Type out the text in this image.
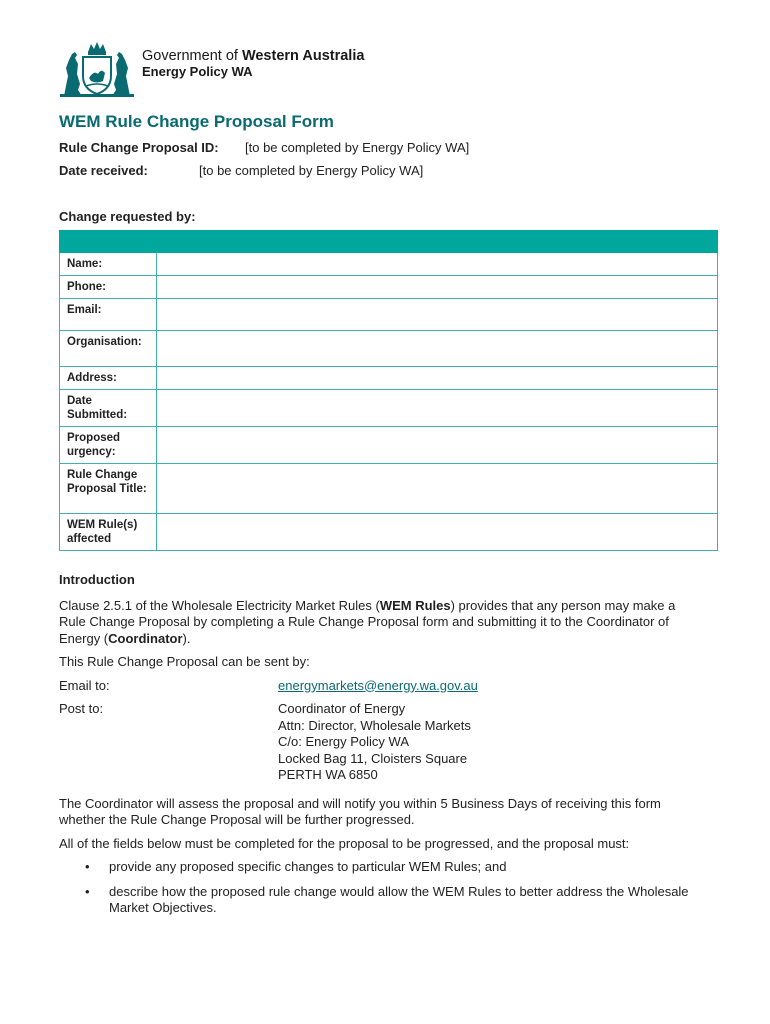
Government of Western Australia
Energy Policy WA
WEM Rule Change Proposal Form
Rule Change Proposal ID: [to be completed by Energy Policy WA]
Date received:	[to be completed by Energy Policy WA]
Change requested by:

Name:	
Phone:	
Email:	
Organisation:	
Address:	
Date Submitted:	
Proposed urgency:	
Rule Change Proposal Title:	
WEM Rule(s) affected	
Introduction

Clause 2.5.1 of the Wholesale Electricity Market Rules (WEM Rules) provides that any person may make a Rule Change Proposal by completing a Rule Change Proposal form and submitting it to the Coordinator of Energy (Coordinator).

This Rule Change Proposal can be sent by:

Email to:	energymarkets@energy.wa.gov.au
Post to:	Coordinator of Energy
Attn: Director, Wholesale Markets
C/o: Energy Policy WA
Locked Bag 11, Cloisters Square
PERTH WA 6850

The Coordinator will assess the proposal and will notify you within 5 Business Days of receiving this form whether the Rule Change Proposal will be further progressed.

All of the fields below must be completed for the proposal to be progressed, and the proposal must:

• provide any proposed specific changes to particular WEM Rules; and
• describe how the proposed rule change would allow the WEM Rules to better address the Wholesale Market Objectives.
